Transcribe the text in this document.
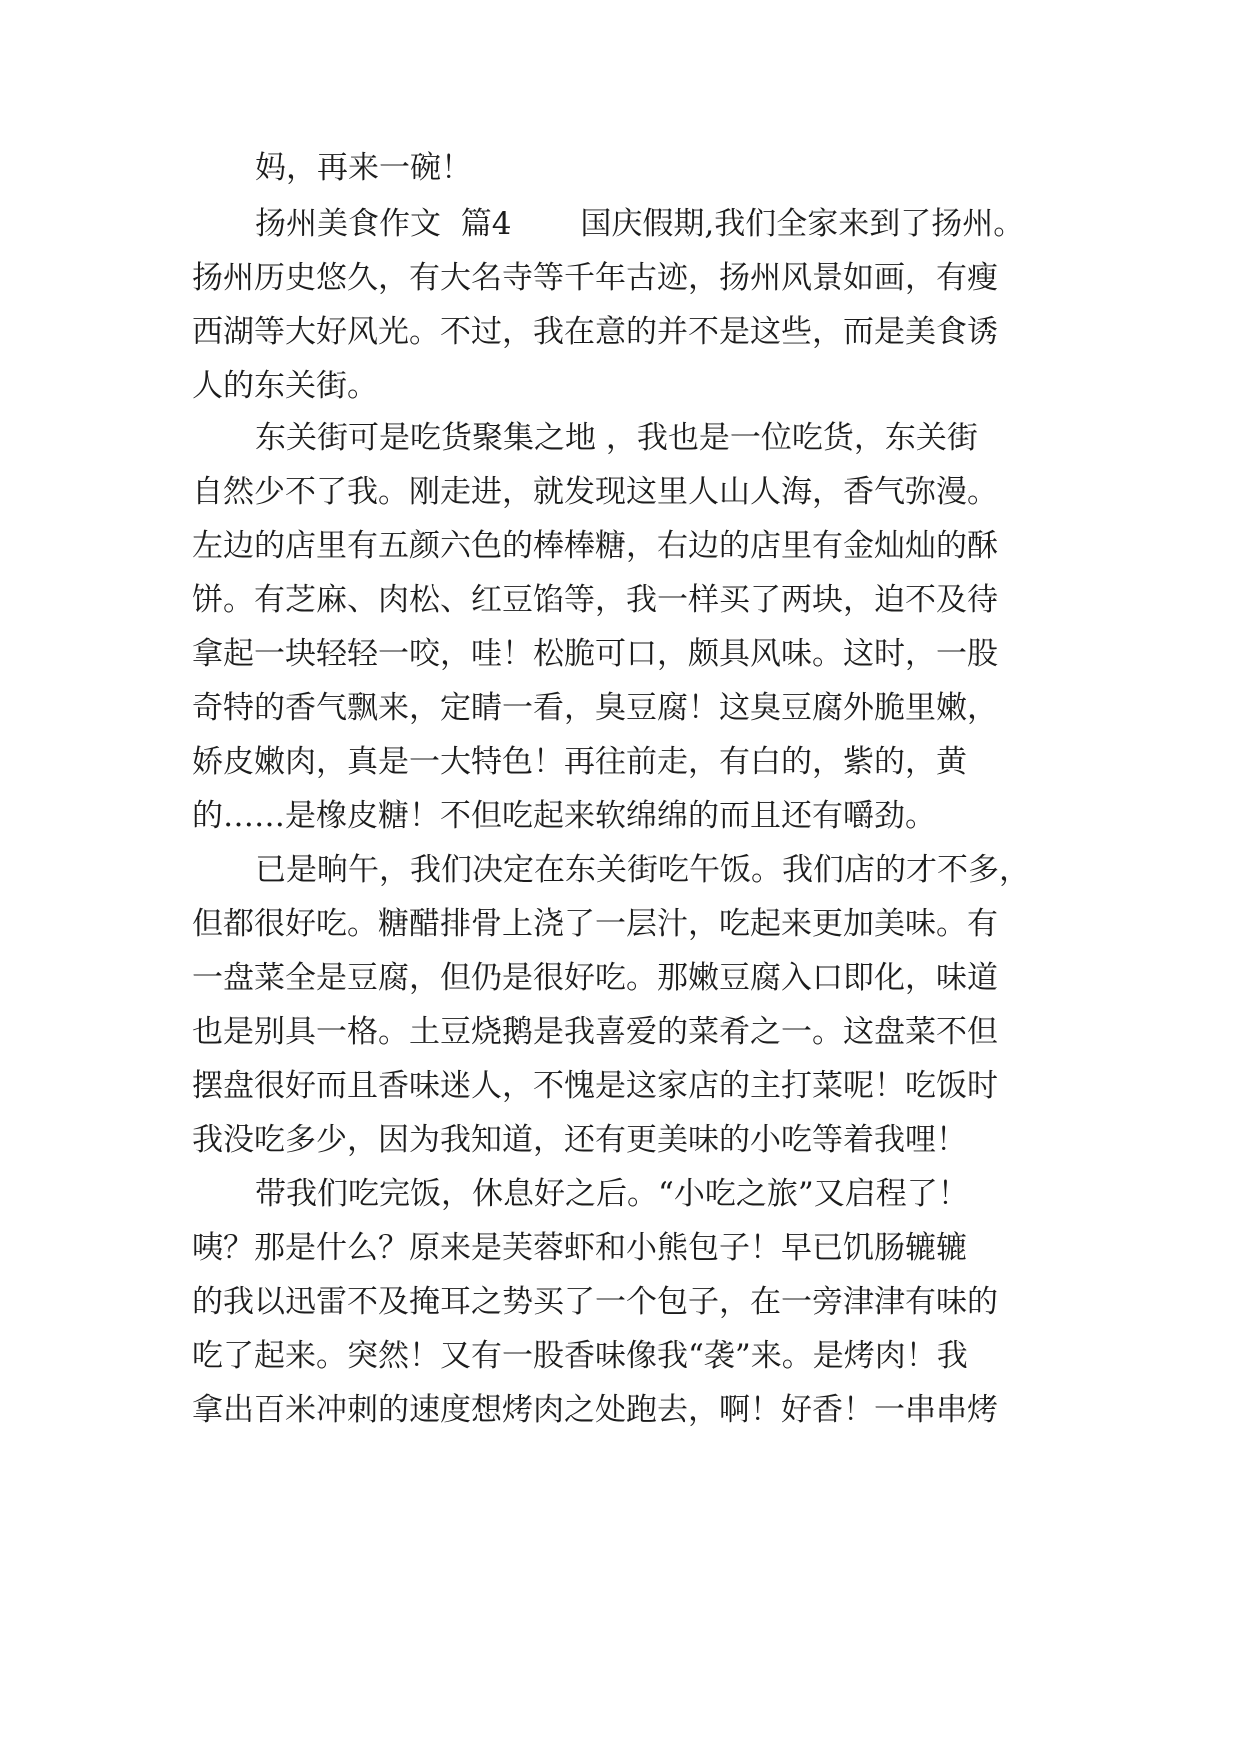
妈，再来一碗！
扬州美食作文  篇4       国庆假期,我们全家来到了扬州。
扬州历史悠久，有大名寺等千年古迹，扬州风景如画，有瘦
西湖等大好风光。不过，我在意的并不是这些，而是美食诱
人的东关街。
东关街可是吃货聚集之地 ，我也是一位吃货，东关街
自然少不了我。刚走进，就发现这里人山人海，香气弥漫。
左边的店里有五颜六色的棒棒糖，右边的店里有金灿灿的酥
饼。有芝麻、肉松、红豆馅等，我一样买了两块，迫不及待
拿起一块轻轻一咬，哇！松脆可口，颇具风味。这时，一股
奇特的香气飘来，定睛一看，臭豆腐！这臭豆腐外脆里嫩，
娇皮嫩肉，真是一大特色！再往前走，有白的，紫的，黄
的……是橡皮糖！不但吃起来软绵绵的而且还有嚼劲。
已是晌午，我们决定在东关街吃午饭。我们店的才不多，
但都很好吃。糖醋排骨上浇了一层汁，吃起来更加美味。有
一盘菜全是豆腐，但仍是很好吃。那嫩豆腐入口即化，味道
也是别具一格。土豆烧鹅是我喜爱的菜肴之一。这盘菜不但
摆盘很好而且香味迷人，不愧是这家店的主打菜呢！吃饭时
我没吃多少，因为我知道，还有更美味的小吃等着我哩！
带我们吃完饭，休息好之后。“小吃之旅”又启程了！
咦？那是什么？原来是芙蓉虾和小熊包子！早已饥肠辘辘
的我以迅雷不及掩耳之势买了一个包子，在一旁津津有味的
吃了起来。突然！又有一股香味像我“袭”来。是烤肉！我
拿出百米冲刺的速度想烤肉之处跑去，啊！好香！一串串烤
